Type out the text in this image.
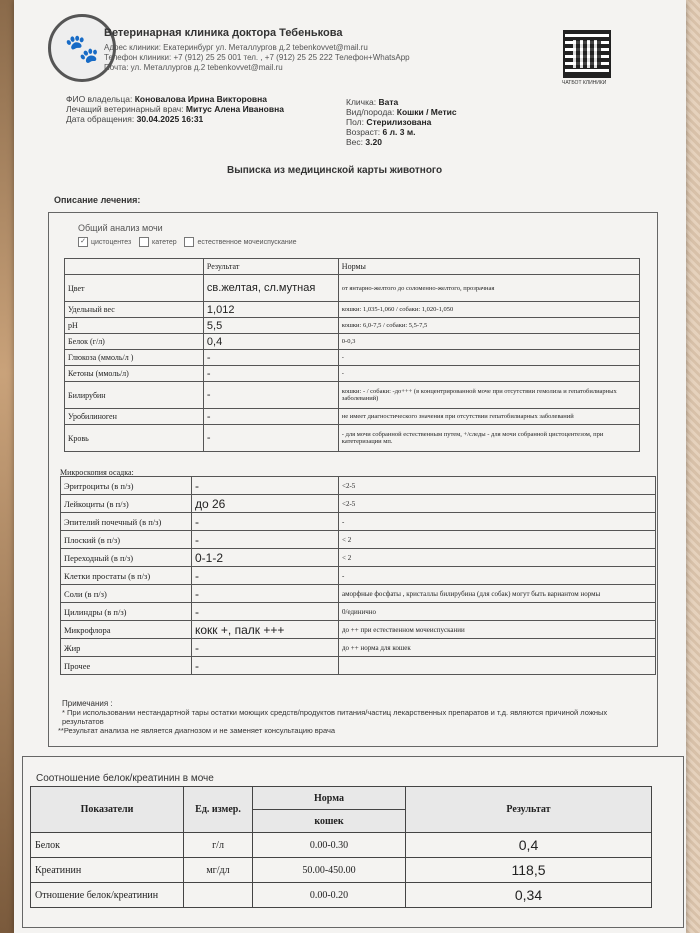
🐾 Ветеринарная клиника доктора Тебенькова
Адрес клиники: Екатеринбург ул. Металлургов д.2 tebenkovvet@mail.ru
Телефон клиники: +7 (912) 25 25 001 тел. , +7 (912) 25 25 222 Телефон+WhatsApp
Почта: ул. Металлургов д.2 tebenkovvet@mail.ru
ЧАТБОТ КЛИНИКИ
ФИО владельца: Коновалова Ирина Викторовна
Лечащий ветеринарный врач: Митус Алена Ивановна
Дата обращения: 30.04.2025 16:31
Кличка: Вата
Вид/порода: Кошки / Метис
Пол: Стерилизована
Возраст: 6 л. 3 м.
Вес: 3.20
Выписка из медицинской карты животного
Описание лечения:
Общий анализ мочи
✓ цистоцентез	катетер	естественное мочеиспускание
	Результат	Нормы
Цвет	св.желтая, сл.мутная	от янтарно-желтого до соломенно-желтого, прозрачная
Удельный вес	1,012	кошки: 1,035-1,060 / собаки: 1,020-1,050
pH	5,5	кошки: 6,0-7,5 / собаки: 5,5-7,5
Белок (г/л)	0,4	0-0,3
Глюкоза (ммоль/л )	-	-
Кетоны (ммоль/л)	-	-
Билирубин	-	кошки: - / собаки: -до+++ (в концентрированной моче при отсутствии гемолиза и гепатобилиарных заболеваний)
Уробилиноген	-	не имеет диагностического значения при отсутствии гепатобилиарных заболеваний
Кровь	-	- для мочи собранной естественным путем, +/следы - для мочи собранной цистоцентезом, при катетеризации мп.
Микроскопия осадка:
Эритроциты (в п/з)	-	<2-5
Лейкоциты (в п/з)	до 26	<2-5
Эпителий почечный (в п/з)	-	-
Плоский (в п/з)	-	< 2
Переходный (в п/з)	0-1-2	< 2
Клетки простаты (в п/з)	-	-
Соли (в п/з)	-	аморфные фосфаты , кристаллы билирубина (для собак) могут быть вариантом нормы
Цилиндры (в п/з)	-	0/единично
Микрофлора	кокк +, палк +++	до ++ при естественном мочеиспускании
Жир	-	до ++ норма для кошек
Прочее	-	
Примечания :
* При использовании нестандартной тары остатки моющих средств/продуктов питания/частиц лекарственных препаратов и т.д. являются причиной ложных результатов
**Результат анализа не является диагнозом и не заменяет консультацию врача
Соотношение белок/креатинин в моче
Показатели	Ед. измер.	Норма	Результат
		кошек	
Белок	г/л	0.00-0.30	0,4
Креатинин	мг/дл	50.00-450.00	118,5
Отношение белок/креатинин		0.00-0.20	0,34
